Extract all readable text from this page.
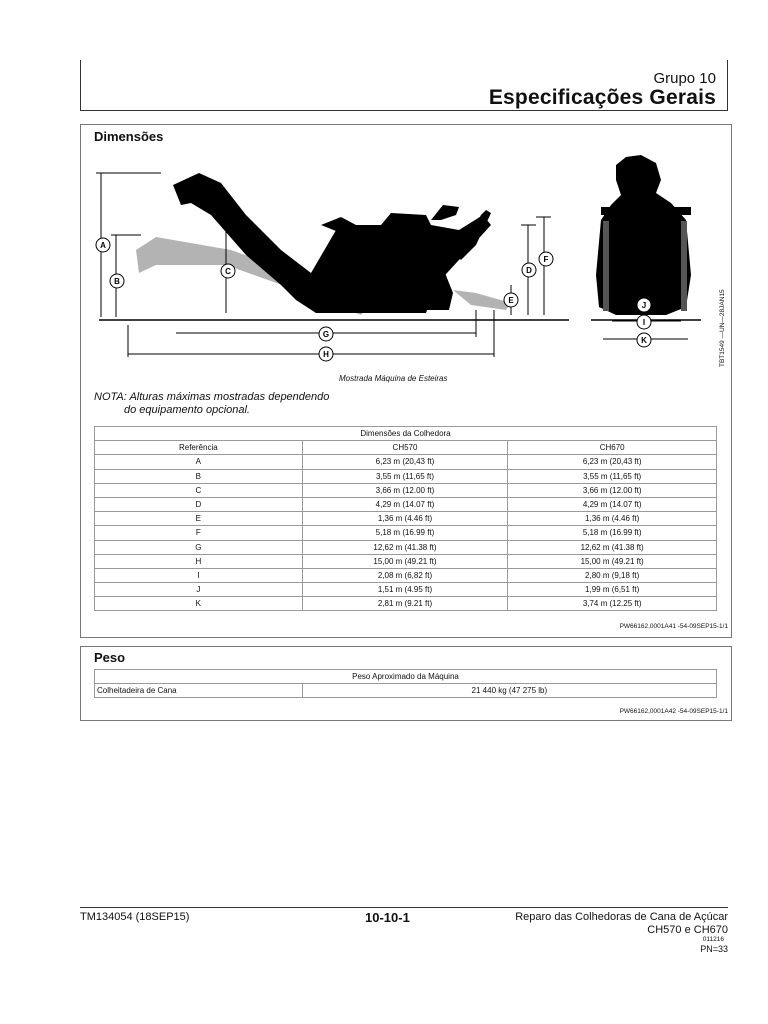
Grupo 10
Especificações Gerais
Dimensões
A
B
C	D
E
F
G
H
I
J
K	TBT1549 —UN—28JAN15
Mostrada Máquina de Esteiras
NOTA: Alturas máximas mostradas dependendo
do equipamento opcional.
Dimensões da Colhedora		
Referência	CH570	CH670
A	6,23 m (20,43 ft)	6,23 m (20,43 ft)
B	3,55 m (11,65 ft)	3,55 m (11,65 ft)
C	3,66 m (12.00 ft)	3,66 m (12.00 ft)
D	4,29 m (14.07 ft)	4,29 m (14.07 ft)
E	1,36 m (4.46 ft)	1,36 m (4.46 ft)
F	5,18 m (16.99 ft)	5,18 m (16.99 ft)
G	12,62 m (41.38 ft)	12,62 m (41.38 ft)
H	15,00 m (49.21 ft)	15,00 m (49.21 ft)
I	2,08 m (6,82 ft)	2,80 m (9,18 ft)
J	1,51 m (4.95 ft)	1,99 m (6,51 ft)
K	2,81 m (9.21 ft)	3,74 m (12.25 ft)
PW66162,0001A41 -54-09SEP15-1/1
Peso
Peso Aproximado da Máquina
Colheitadeira de Cana	21 440 kg (47 275 lb)
PW66162,0001A42 -54-09SEP15-1/1
TM134054 (18SEP15)	10-10-1	Reparo das Colhedoras de Cana de Açúcar
CH570 e CH670
011216
PN=33
